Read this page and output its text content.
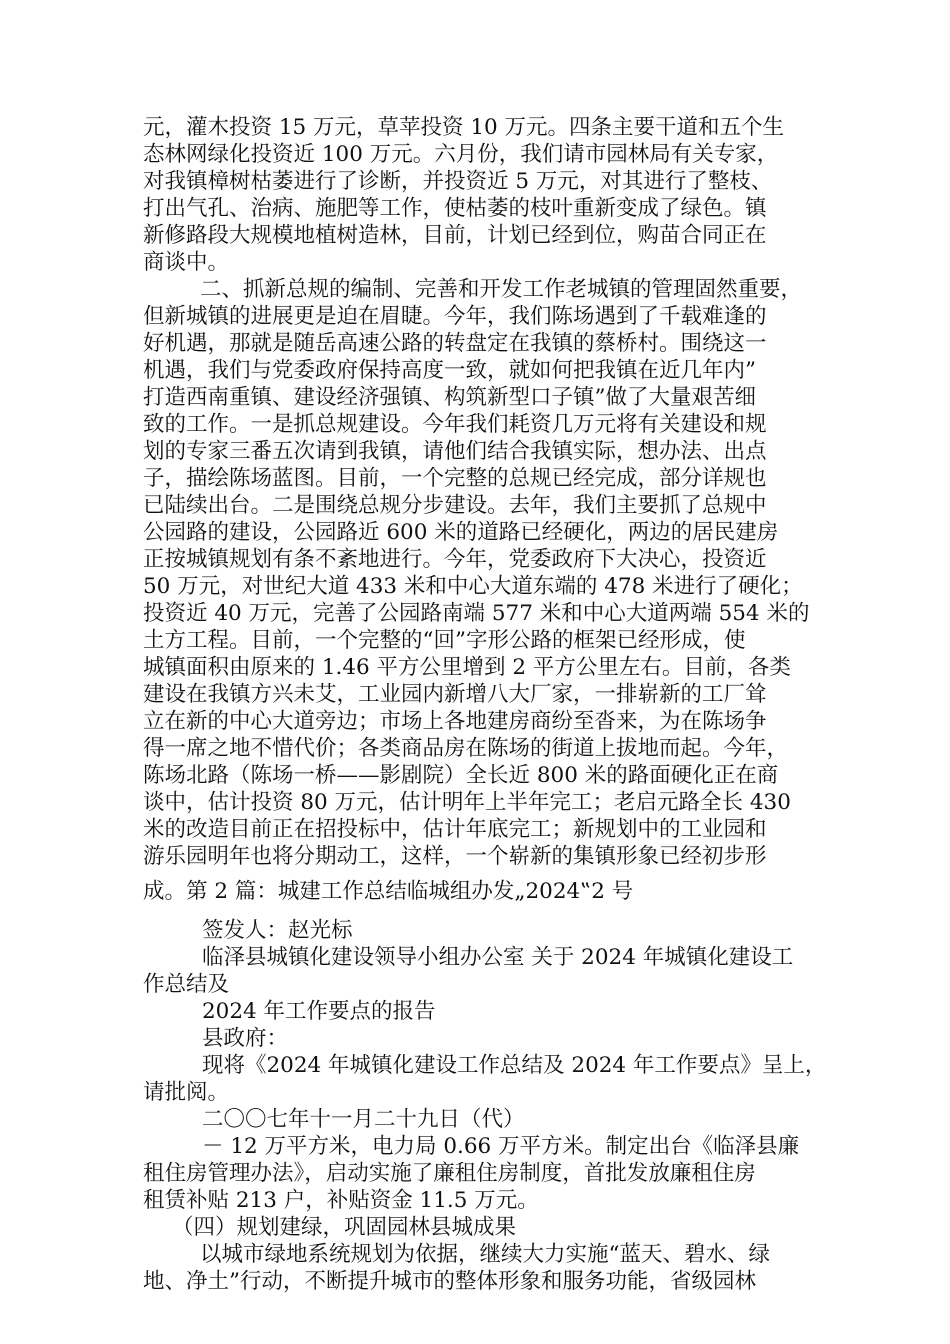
元，灌木投资 15 万元，草苹投资 10 万元。四条主要干道和五个生
态林网绿化投资近 100 万元。六月份，我们请市园林局有关专家，
对我镇樟树枯萎进行了诊断，并投资近 5 万元，对其进行了整枝、
打出气孔、治病、施肥等工作，使枯萎的枝叶重新变成了绿色。镇
新修路段大规模地植树造林，目前，计划已经到位，购苗合同正在
商谈中。
二、抓新总规的编制、完善和开发工作老城镇的管理固然重要，
但新城镇的进展更是迫在眉睫。今年，我们陈场遇到了千载难逢的
好机遇，那就是随岳高速公路的转盘定在我镇的蔡桥村。围绕这一
机遇，我们与党委政府保持高度一致，就如何把我镇在近几年内”
打造西南重镇、建设经济强镇、构筑新型口子镇”做了大量艰苦细
致的工作。一是抓总规建设。今年我们耗资几万元将有关建设和规
划的专家三番五次请到我镇，请他们结合我镇实际，想办法、出点
子，描绘陈场蓝图。目前，一个完整的总规已经完成，部分详规也
已陆续出台。二是围绕总规分步建设。去年，我们主要抓了总规中
公园路的建设，公园路近 600 米的道路已经硬化，两边的居民建房
正按城镇规划有条不紊地进行。今年，党委政府下大决心，投资近
50 万元，对世纪大道 433 米和中心大道东端的 478 米进行了硬化；
投资近 40 万元，完善了公园路南端 577 米和中心大道两端 554 米的
土方工程。目前，一个完整的“回”字形公路的框架已经形成，使
城镇面积由原来的 1.46 平方公里增到 2 平方公里左右。目前，各类
建设在我镇方兴未艾，工业园内新增八大厂家，一排崭新的工厂耸
立在新的中心大道旁边；市场上各地建房商纷至沓来，为在陈场争
得一席之地不惜代价；各类商品房在陈场的街道上拔地而起。今年，
陈场北路（陈场一桥——影剧院）全长近 800 米的路面硬化正在商
谈中，估计投资 80 万元，估计明年上半年完工；老启元路全长 430
米的改造目前正在招投标中，估计年底完工；新规划中的工业园和
游乐园明年也将分期动工，这样，一个崭新的集镇形象已经初步形
成。第 2 篇：城建工作总结临城组办发„2024‟2 号
签发人：赵光标
临泽县城镇化建设领导小组办公室 关于 2024 年城镇化建设工
作总结及
2024 年工作要点的报告
县政府：
现将《2024 年城镇化建设工作总结及 2024 年工作要点》呈上，
请批阅。
二〇〇七年十一月二十九日（代）
－ 12 万平方米，电力局 0.66 万平方米。制定出台《临泽县廉
租住房管理办法》，启动实施了廉租住房制度，首批发放廉租住房
租赁补贴 213 户，补贴资金 11.5 万元。
（四）规划建绿，巩固园林县城成果
以城市绿地系统规划为依据，继续大力实施“蓝天、碧水、绿
地、净土”行动，不断提升城市的整体形象和服务功能，省级园林
